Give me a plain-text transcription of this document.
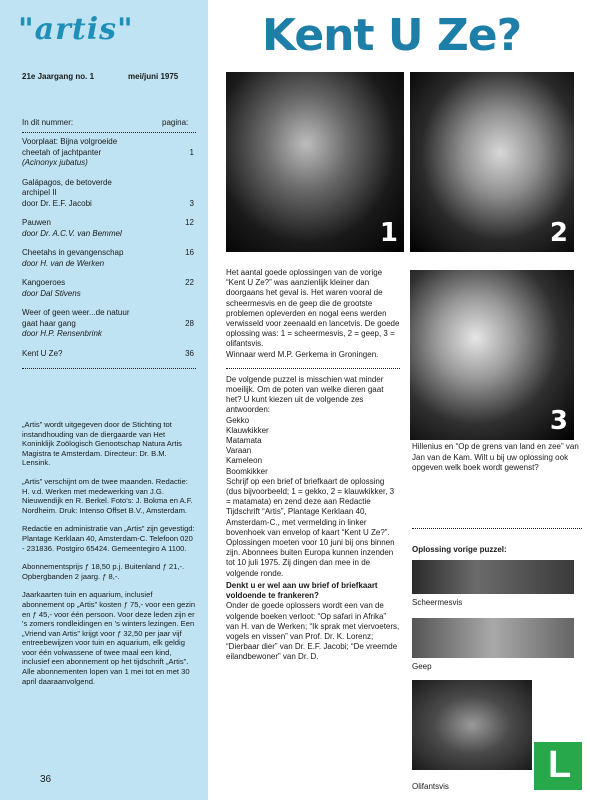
"artis"
21e Jaargang no. 1	mei/juni 1975
In dit nummer:	pagina:
Voorplaat: Bijna volgroeide
cheetah of jachtpanter
(Acinonyx jubatus)
1
Galápagos, de betoverde
archipel II
door Dr. E.F. Jacobi	3
Pauwen
door Dr. A.C.V. van Bemmel
12
Cheetahs in gevangenschap
door H. van de Werken
16
Kangoeroes
door Dal Stivens
22
Weer of geen weer...de natuur
gaat haar gang
door H.P. Rensenbrink
28
Kent U Ze?	36

„Artis” wordt uitgegeven door de Stichting tot instandhouding van de diergaarde van Het Koninklijk Zoölogisch Genootschap Natura Artis Magistra te Amsterdam. Directeur: Dr. B.M. Lensink.

„Artis” verschijnt om de twee maanden. Redactie: H. v.d. Werken met medewerking van J.G. Nieuwendijk en R. Berkel. Foto's: J. Bokma en A.F. Nordheim. Druk: Intenso Offset B.V., Amsterdam.

Redactie en administratie van „Artis” zijn gevestigd: Plantage Kerklaan 40, Amsterdam-C. Telefoon 020 - 231836. Postgiro 65424. Gemeentegiro A 1100.

Abonnementsprijs ƒ 18,50 p.j. Buitenland ƒ 21,-. Opbergbanden 2 jaarg. ƒ 8,-.

Jaarkaarten tuin en aquarium, inclusief abonnement op „Artis” kosten ƒ 75,- voor een gezin en ƒ 45,- voor één persoon. Voor deze leden zijn er 's zomers rondleidingen en 's winters lezingen. Een „Vriend van Artis” krijgt voor ƒ 32,50 per jaar vijf entreebewijzen voor tuin en aquarium, elk geldig voor één volwassene of twee maal een kind, inclusief een abonnement op het tijdschrift „Artis”. Alle abonnementen lopen van 1 mei tot en met 30 april daaraanvolgend.

36
Kent U Ze?
1	2
3

Het aantal goede oplossingen van de vorige “Kent U Ze?” was aanzienlijk kleiner dan doorgaans het geval is. Het waren vooral de scheermesvis en de geep die de grootste problemen opleverden en nogal eens werden verwisseld voor zeenaald en lancetvis. De goede oplossing was: 1 = scheermesvis, 2 = geep, 3 = olifantsvis.
Winnaar werd M.P. Gerkema in Groningen.

De volgende puzzel is misschien wat minder moeilijk. Om de poten van welke dieren gaat het? U kunt kiezen uit de volgende zes antwoorden:

Gekko
Klauwkikker
Matamata
Varaan
Kameleon
Boomkikker

Schrijf op een brief of briefkaart de oplossing (dus bijvoorbeeld; 1 = gekko, 2 = klauwkikker, 3 = matamata) en zend deze aan Redactie Tijdschrift “Artis”, Plantage Kerklaan 40, Amsterdam-C., met vermelding in linker bovenhoek van envelop of kaart “Kent U Ze?”. Oplossingen moeten voor 10 juni bij ons binnen zijn. Abonnees buiten Europa kunnen inzenden tot 10 juli 1975. Zij dingen dan mee in de volgende ronde.

Denkt u er wel aan uw brief of briefkaart voldoende te frankeren?
Onder de goede oplossers wordt een van de volgende boeken verloot: “Op safari in Afrika” van H. van de Werken; “Ik sprak met viervoeters, vogels en vissen” van Prof. Dr. K. Lorenz; “Dierbaar dier” van Dr. E.F. Jacobi; “De vreemde eilandbewoner” van Dr. D.

Hillenius en “Op de grens van land en zee” van Jan van de Kam. Wilt u bij uw oplossing ook opgeven welk boek wordt gewenst?
Oplossing vorige puzzel:
Scheermesvis
Geep
Olifantsvis
L
